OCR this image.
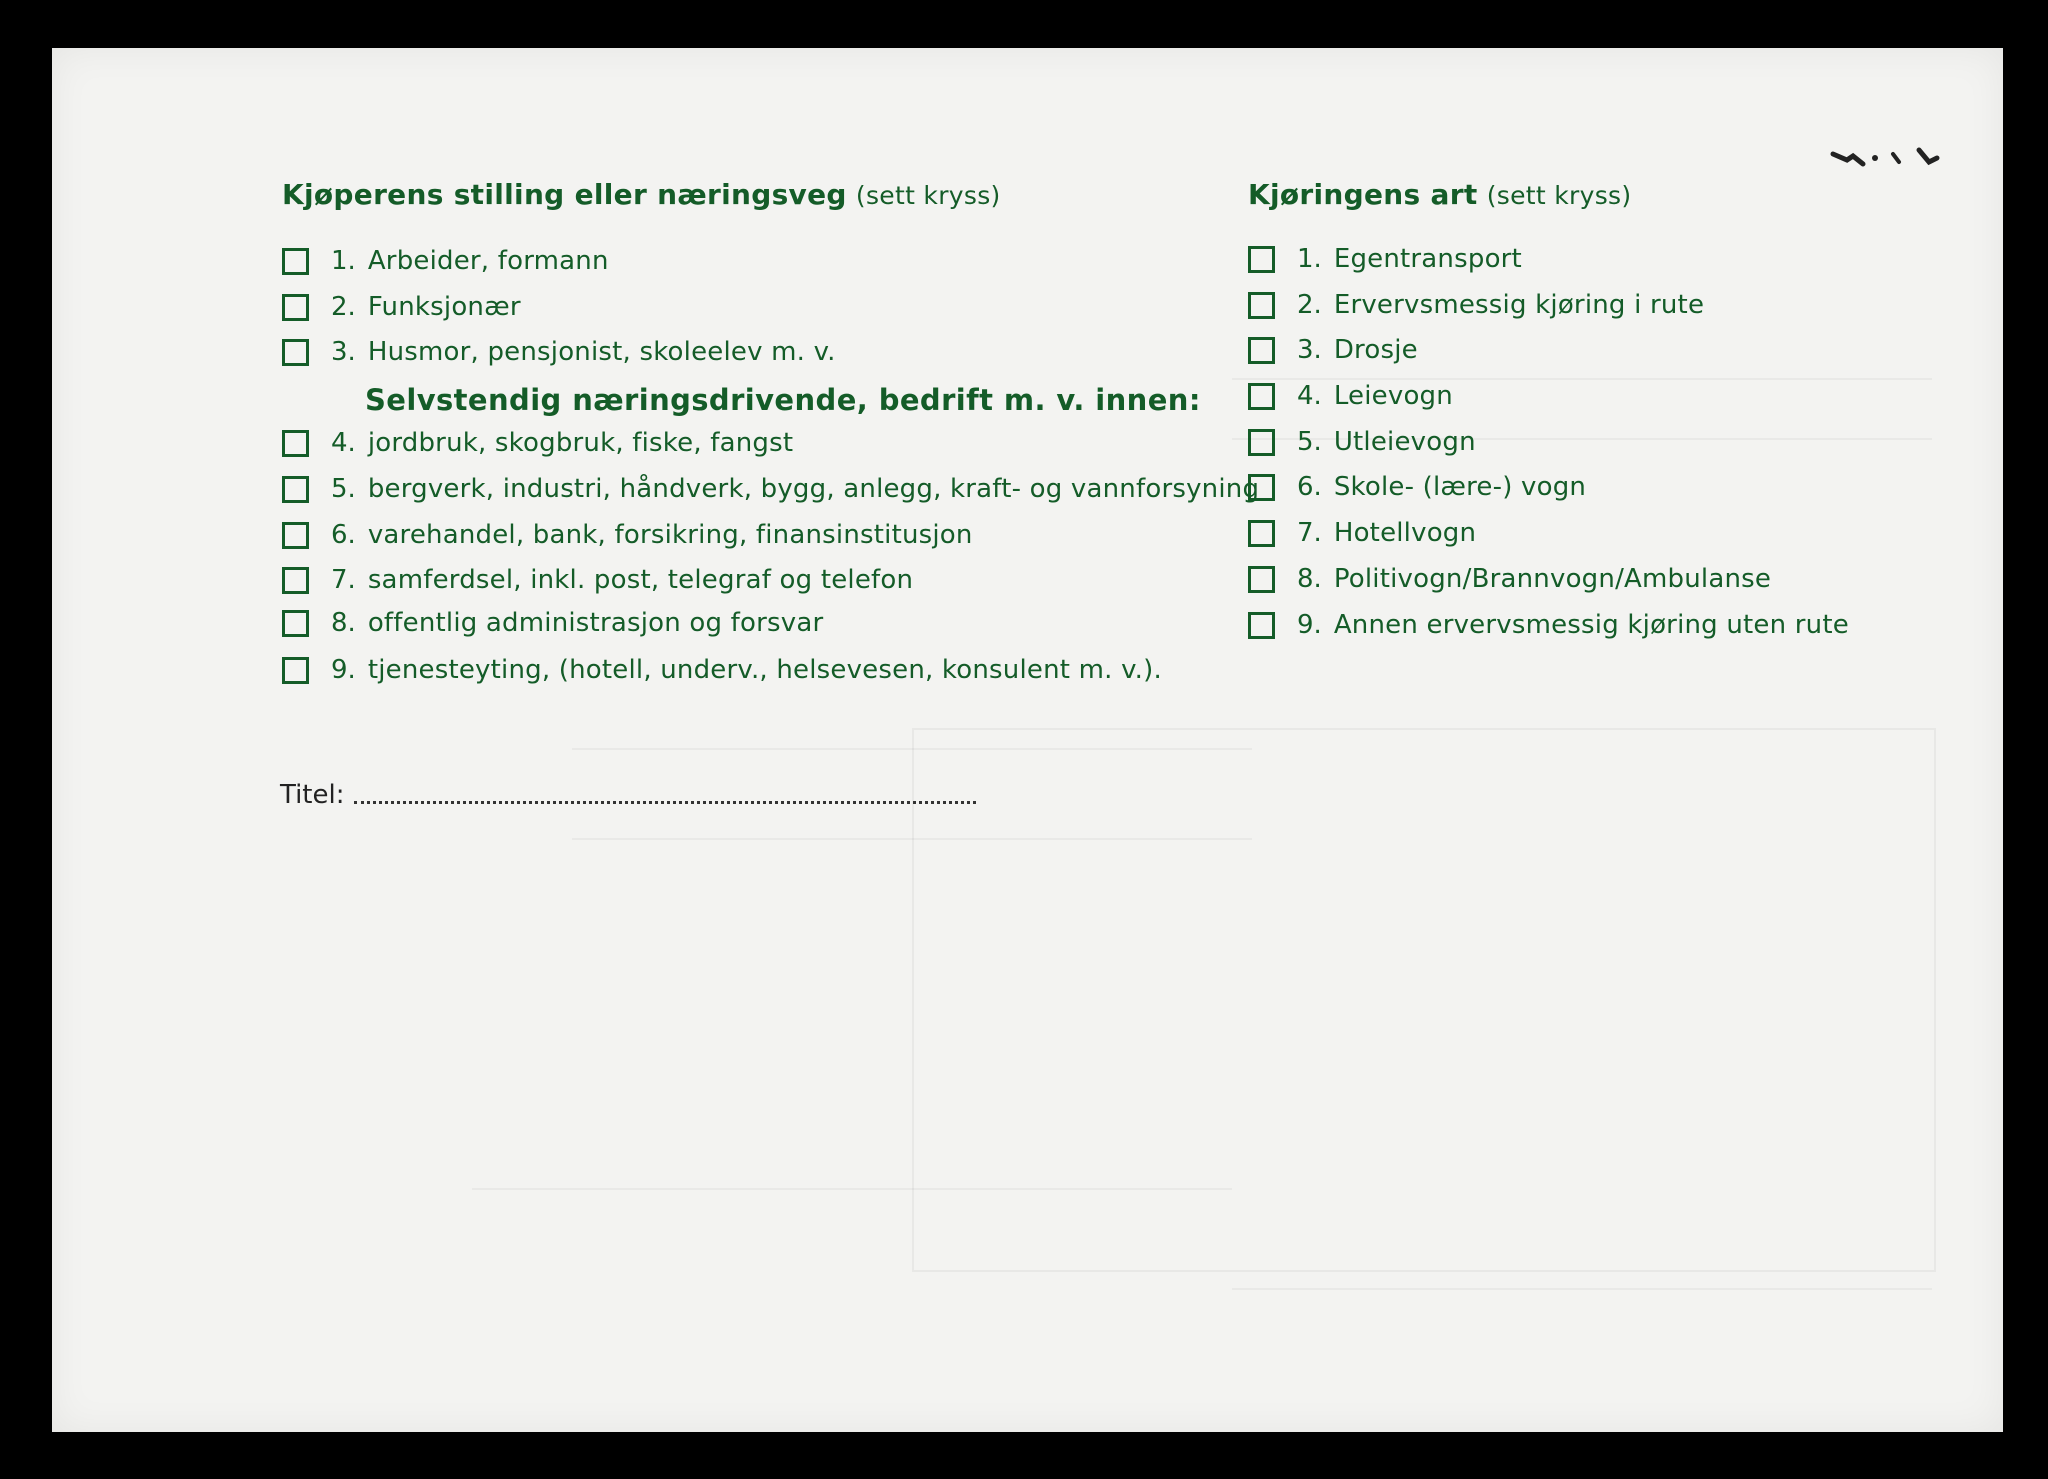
Kjøperens stilling eller næringsveg (sett kryss)
1. Arbeider, formann
2. Funksjonær
3. Husmor, pensjonist, skoleelev m. v.
Selvstendig næringsdrivende, bedrift m. v. innen:
4. jordbruk, skogbruk, fiske, fangst
5. bergverk, industri, håndverk, bygg, anlegg, kraft- og vannforsyning
6. varehandel, bank, forsikring, finansinstitusjon
7. samferdsel, inkl. post, telegraf og telefon
8. offentlig administrasjon og forsvar
9. tjenesteyting, (hotell, underv., helsevesen, konsulent m. v.).
Kjøringens art (sett kryss)
1. Egentransport
2. Ervervsmessig kjøring i rute
3. Drosje
4. Leievogn
5. Utleievogn
6. Skole- (lære-) vogn
7. Hotellvogn
8. Politivogn/Brannvogn/Ambulanse
9. Annen ervervsmessig kjøring uten rute
Titel:
